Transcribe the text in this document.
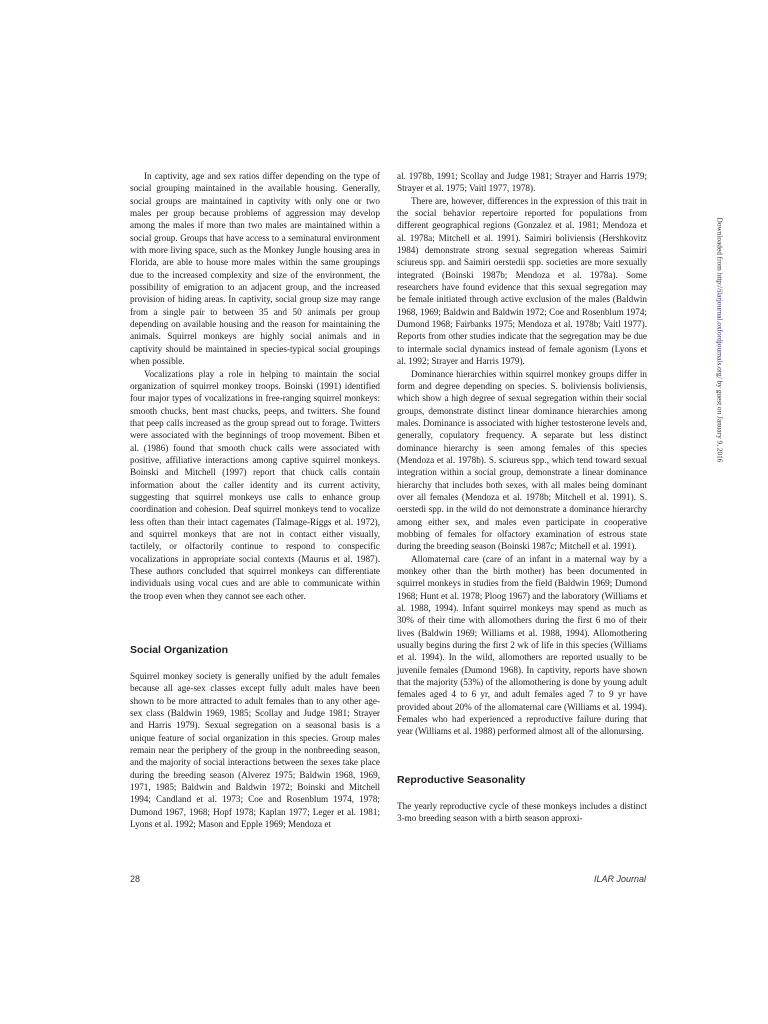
In captivity, age and sex ratios differ depending on the type of social grouping maintained in the available housing. Generally, social groups are maintained in captivity with only one or two males per group because problems of aggression may develop among the males if more than two males are maintained within a social group. Groups that have access to a seminatural environment with more living space, such as the Monkey Jungle housing area in Florida, are able to house more males within the same groupings due to the increased complexity and size of the environment, the possibility of emigration to an adjacent group, and the increased provision of hiding areas. In captivity, social group size may range from a single pair to between 35 and 50 animals per group depending on available housing and the reason for maintaining the animals. Squirrel monkeys are highly social animals and in captivity should be maintained in species-typical social groupings when possible.

Vocalizations play a role in helping to maintain the social organization of squirrel monkey troops. Boinski (1991) identified four major types of vocalizations in free-ranging squirrel monkeys: smooth chucks, bent mast chucks, peeps, and twitters. She found that peep calls increased as the group spread out to forage. Twitters were associated with the beginnings of troop movement. Biben et al. (1986) found that smooth chuck calls were associated with positive, affiliative interactions among captive squirrel monkeys. Boinski and Mitchell (1997) report that chuck calls contain information about the caller identity and its current activity, suggesting that squirrel monkeys use calls to enhance group coordination and cohesion. Deaf squirrel monkeys tend to vocalize less often than their intact cagemates (Talmage-Riggs et al. 1972), and squirrel monkeys that are not in contact either visually, tactilely, or olfactorily continue to respond to conspecific vocalizations in appropriate social contexts (Maurus et al. 1987). These authors concluded that squirrel monkeys can differentiate individuals using vocal cues and are able to communicate within the troop even when they cannot see each other.

Social Organization

Squirrel monkey society is generally unified by the adult females because all age-sex classes except fully adult males have been shown to be more attracted to adult females than to any other age-sex class (Baldwin 1969, 1985; Scollay and Judge 1981; Strayer and Harris 1979). Sexual segregation on a seasonal basis is a unique feature of social organization in this species. Group males remain near the periphery of the group in the nonbreeding season, and the majority of social interactions between the sexes take place during the breeding season (Alverez 1975; Baldwin 1968, 1969, 1971, 1985; Baldwin and Baldwin 1972; Boinski and Mitchell 1994; Candland et al. 1973; Coe and Rosenblum 1974, 1978; Dumond 1967, 1968; Hopf 1978; Kaplan 1977; Leger et al. 1981; Lyons et al. 1992; Mason and Epple 1969; Mendoza et

al. 1978b, 1991; Scollay and Judge 1981; Strayer and Harris 1979; Strayer et al. 1975; Vaitl 1977, 1978).

There are, however, differences in the expression of this trait in the social behavior repertoire reported for populations from different geographical regions (Gonzalez et al. 1981; Mendoza et al. 1978a; Mitchell et al. 1991). Saimiri boliviensis (Hershkovitz 1984) demonstrate strong sexual segregation whereas Saimiri sciureus spp. and Saimiri oerstedii spp. societies are more sexually integrated (Boinski 1987b; Mendoza et al. 1978a). Some researchers have found evidence that this sexual segregation may be female initiated through active exclusion of the males (Baldwin 1968, 1969; Baldwin and Baldwin 1972; Coe and Rosenblum 1974; Dumond 1968; Fairbanks 1975; Mendoza et al. 1978b; Vaitl 1977). Reports from other studies indicate that the segregation may be due to intermale social dynamics instead of female agonism (Lyons et al. 1992; Strayer and Harris 1979).

Dominance hierarchies within squirrel monkey groups differ in form and degree depending on species. S. boliviensis boliviensis, which show a high degree of sexual segregation within their social groups, demonstrate distinct linear dominance hierarchies among males. Dominance is associated with higher testosterone levels and, generally, copulatory frequency. A separate but less distinct dominance hierarchy is seen among females of this species (Mendoza et al. 1978b). S. sciureus spp., which tend toward sexual integration within a social group, demonstrate a linear dominance hierarchy that includes both sexes, with all males being dominant over all females (Mendoza et al. 1978b; Mitchell et al. 1991). S. oerstedi spp. in the wild do not demonstrate a dominance hierarchy among either sex, and males even participate in cooperative mobbing of females for olfactory examination of estrous state during the breeding season (Boinski 1987c; Mitchell et al. 1991).

Allomaternal care (care of an infant in a maternal way by a monkey other than the birth mother) has been documented in squirrel monkeys in studies from the field (Baldwin 1969; Dumond 1968; Hunt et al. 1978; Ploog 1967) and the laboratory (Williams et al. 1988, 1994). Infant squirrel monkeys may spend as much as 30% of their time with allomothers during the first 6 mo of their lives (Baldwin 1969; Williams et al. 1988, 1994). Allomothering usually begins during the first 2 wk of life in this species (Williams et al. 1994). In the wild, allomothers are reported usually to be juvenile females (Dumond 1968). In captivity, reports have shown that the majority (53%) of the allomothering is done by young adult females aged 4 to 6 yr, and adult females aged 7 to 9 yr have provided about 20% of the allomaternal care (Williams et al. 1994). Females who had experienced a reproductive failure during that year (Williams et al. 1988) performed almost all of the allonursing.

Reproductive Seasonality

The yearly reproductive cycle of these monkeys includes a distinct 3-mo breeding season with a birth season approxi-

28	ILAR Journal
Downloaded from http://ilarjournal.oxfordjournals.org/ by guest on January 9, 2016
